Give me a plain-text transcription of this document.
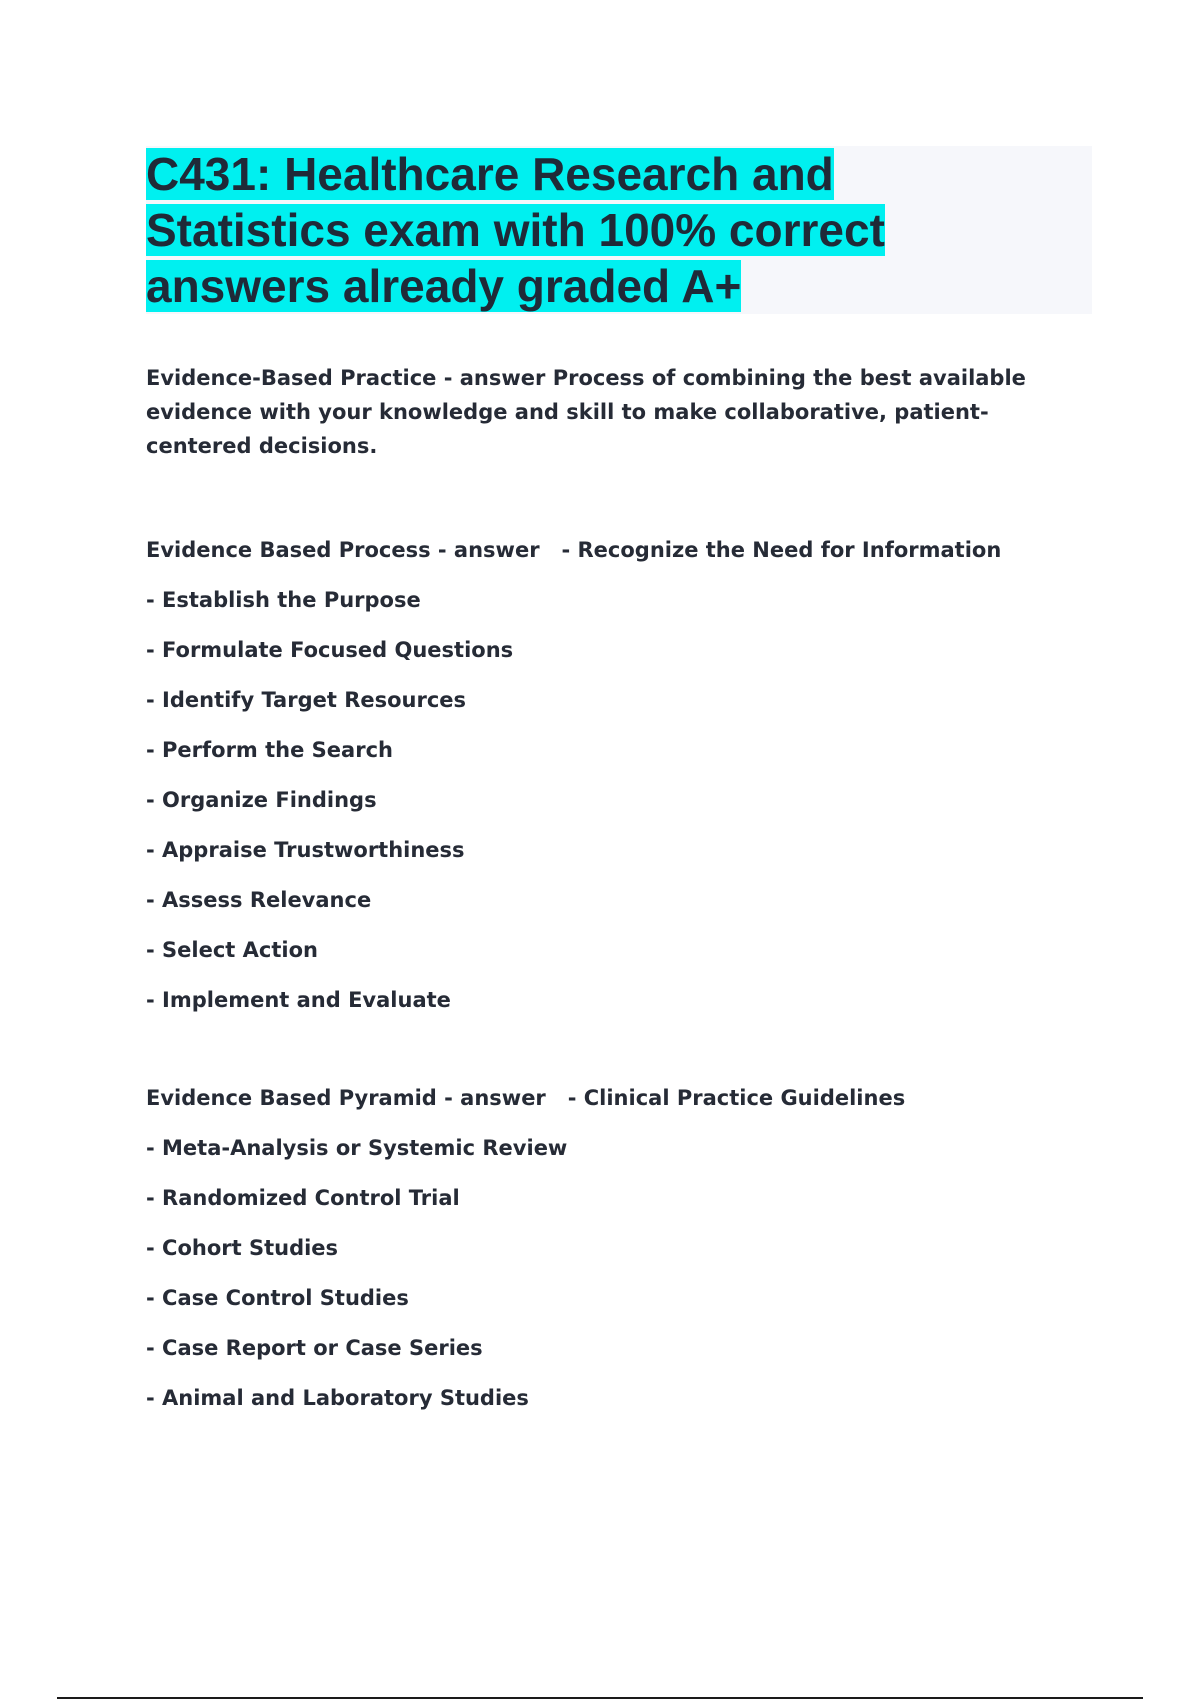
C431: Healthcare Research and
Statistics exam with 100% correct
answers already graded A+

Evidence-Based Practice - answer Process of combining the best available

evidence with your knowledge and skill to make collaborative, patient-

centered decisions.

Evidence Based Process - answer   - Recognize the Need for Information

- Establish the Purpose

- Formulate Focused Questions

- Identify Target Resources

- Perform the Search

- Organize Findings

- Appraise Trustworthiness

- Assess Relevance

- Select Action

- Implement and Evaluate

Evidence Based Pyramid - answer   - Clinical Practice Guidelines

- Meta-Analysis or Systemic Review

- Randomized Control Trial

- Cohort Studies

- Case Control Studies

- Case Report or Case Series

- Animal and Laboratory Studies
